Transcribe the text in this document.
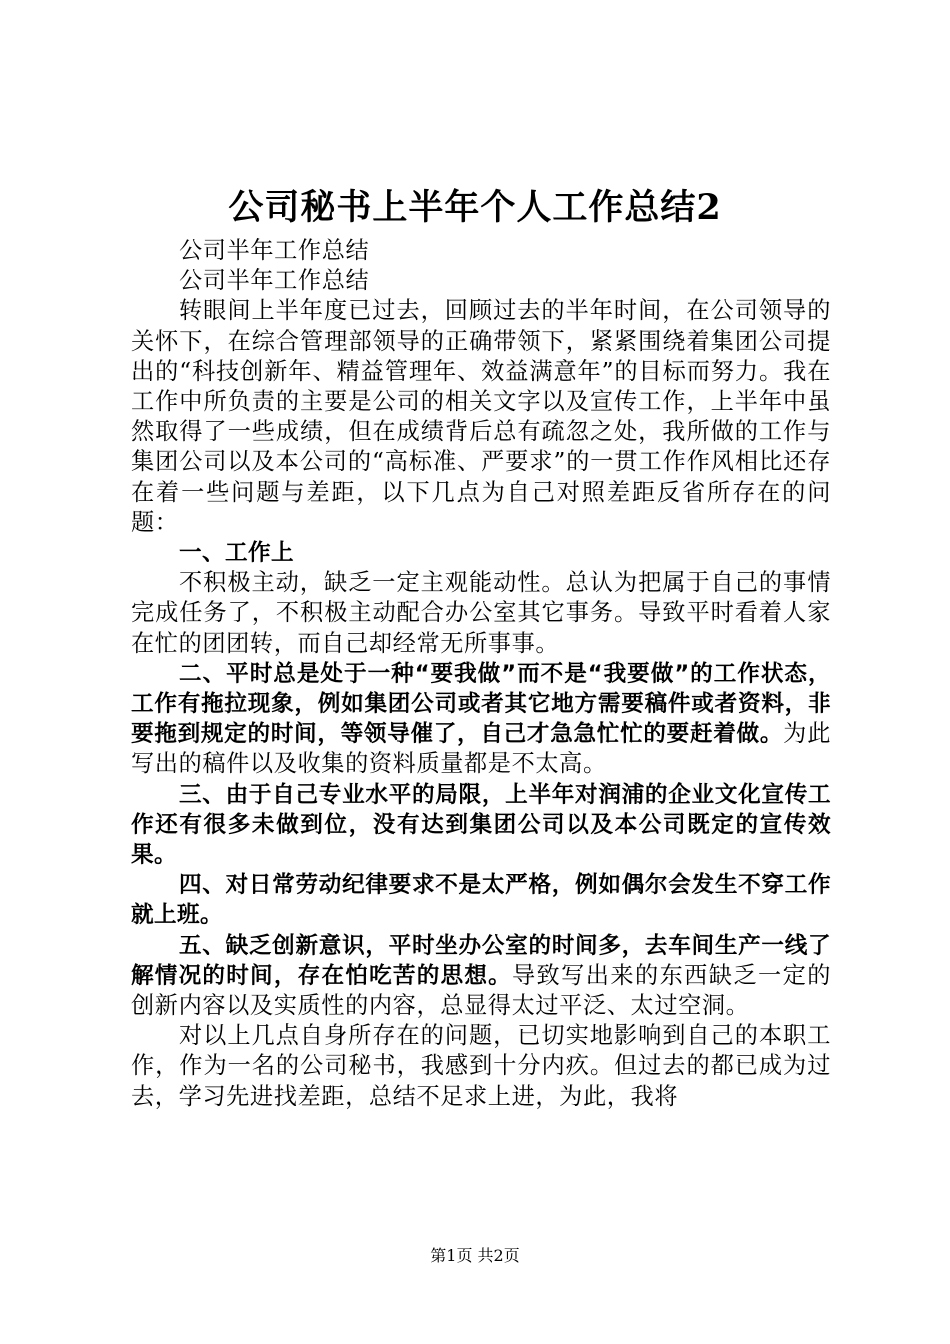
公司秘书上半年个人工作总结2

公司半年工作总结

公司半年工作总结

转眼间上半年度已过去，回顾过去的半年时间，在公司领导的关怀下，在综合管理部领导的正确带领下，紧紧围绕着集团公司提出的“科技创新年、精益管理年、效益满意年”的目标而努力。我在工作中所负责的主要是公司的相关文字以及宣传工作，上半年中虽然取得了一些成绩，但在成绩背后总有疏忽之处，我所做的工作与集团公司以及本公司的“高标准、严要求”的一贯工作作风相比还存在着一些问题与差距，以下几点为自己对照差距反省所存在的问题：

一、工作上

不积极主动，缺乏一定主观能动性。总认为把属于自己的事情完成任务了，不积极主动配合办公室其它事务。导致平时看着人家在忙的团团转，而自己却经常无所事事。

二、平时总是处于一种“要我做”而不是“我要做”的工作状态，工作有拖拉现象，例如集团公司或者其它地方需要稿件或者资料，非要拖到规定的时间，等领导催了，自己才急急忙忙的要赶着做。为此写出的稿件以及收集的资料质量都是不太高。

三、由于自己专业水平的局限，上半年对润浦的企业文化宣传工作还有很多未做到位，没有达到集团公司以及本公司既定的宣传效果。

四、对日常劳动纪律要求不是太严格，例如偶尔会发生不穿工作就上班。

五、缺乏创新意识，平时坐办公室的时间多，去车间生产一线了解情况的时间，存在怕吃苦的思想。导致写出来的东西缺乏一定的创新内容以及实质性的内容，总显得太过平泛、太过空洞。

对以上几点自身所存在的问题，已切实地影响到自己的本职工作，作为一名的公司秘书，我感到十分内疚。但过去的都已成为过去，学习先进找差距，总结不足求上进，为此，我将

第1页 共2页
